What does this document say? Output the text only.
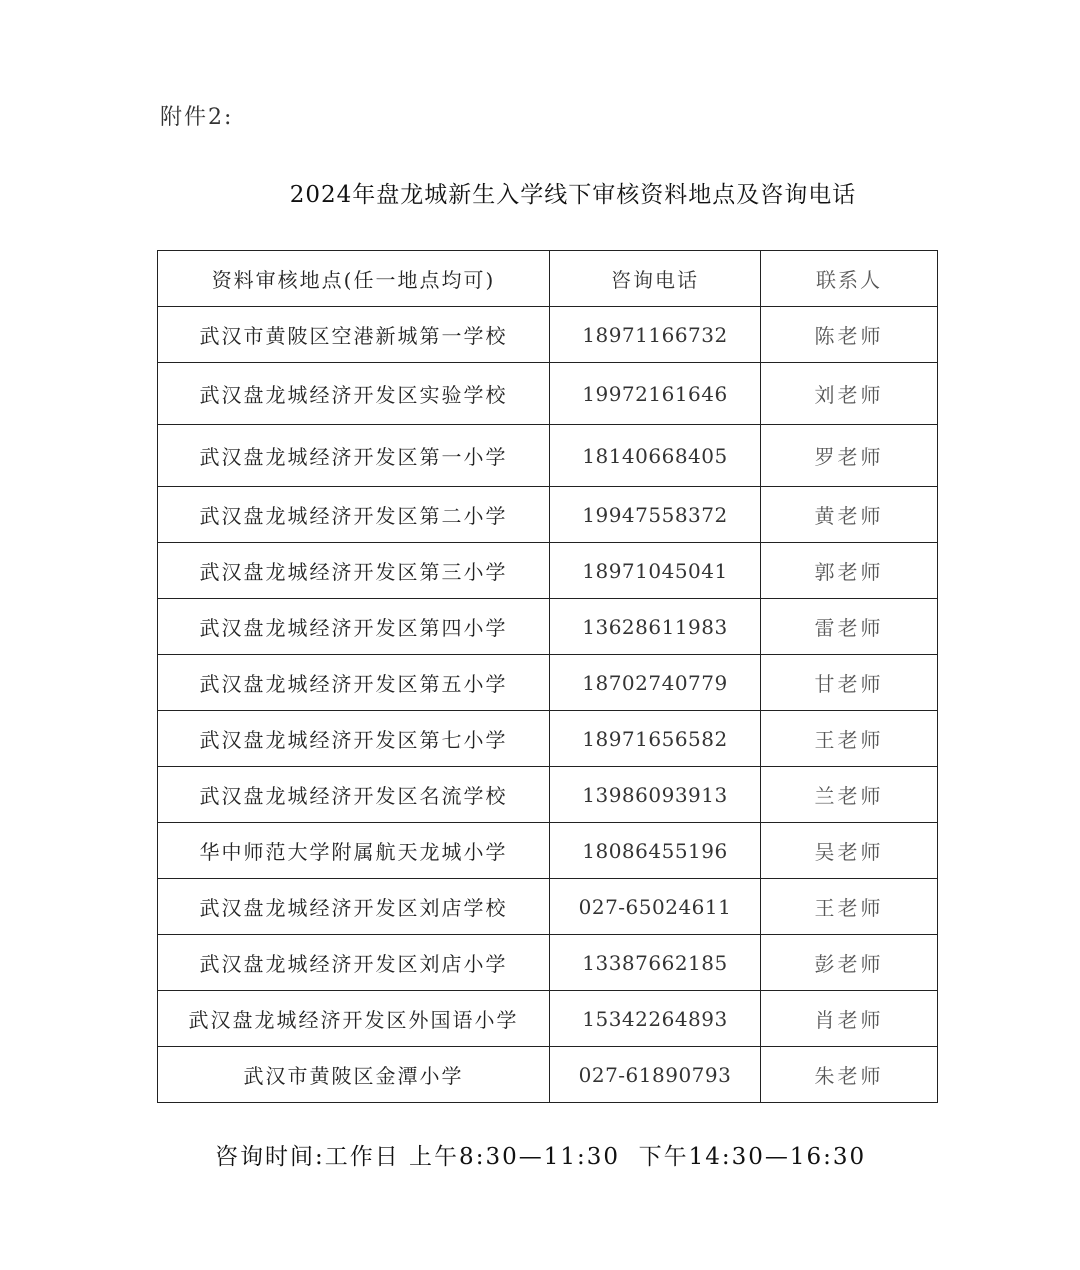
附件2:
2024年盘龙城新生入学线下审核资料地点及咨询电话
资料审核地点(任一地点均可)	咨询电话	联系人
武汉市黄陂区空港新城第一学校	18971166732	陈老师
武汉盘龙城经济开发区实验学校	19972161646	刘老师
武汉盘龙城经济开发区第一小学	18140668405	罗老师
武汉盘龙城经济开发区第二小学	19947558372	黄老师
武汉盘龙城经济开发区第三小学	18971045041	郭老师
武汉盘龙城经济开发区第四小学	13628611983	雷老师
武汉盘龙城经济开发区第五小学	18702740779	甘老师
武汉盘龙城经济开发区第七小学	18971656582	王老师
武汉盘龙城经济开发区名流学校	13986093913	兰老师
华中师范大学附属航天龙城小学	18086455196	吴老师
武汉盘龙城经济开发区刘店学校	027-65024611	王老师
武汉盘龙城经济开发区刘店小学	13387662185	彭老师
武汉盘龙城经济开发区外国语小学	15342264893	肖老师
武汉市黄陂区金潭小学	027-61890793	朱老师
咨询时间:工作日 上午8:30—11:30  下午14:30—16:30
